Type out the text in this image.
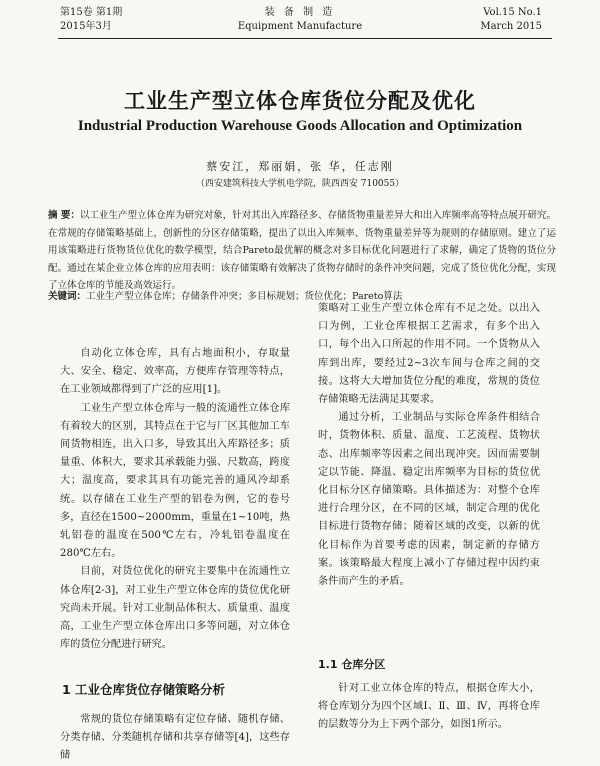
第15卷 第1期
2015年3月
装 备 制 造
Equipment Manufacture
Vol.15 No.1
March 2015
工业生产型立体仓库货位分配及优化
Industrial Production Warehouse Goods Allocation and Optimization
蔡安江，郑丽娟，张 华，任志刚
（西安建筑科技大学机电学院，陕西西安 710055）
摘 要：以工业生产型立体仓库为研究对象，针对其出入库路径多、存储货物重量差异大和出入库频率高等特点展开研究。在常规的存储策略基础上，创新性的分区存储策略，提出了以出入库频率、货物重量差异等为规则的存储原则。建立了运用该策略进行货物货位优化的数学模型，结合Pareto最优解的概念对多目标优化问题进行了求解，确定了货物的货位分配。通过在某企业立体仓库的应用表明：该存储策略有效解决了货物存储时的条件冲突问题，完成了货位优化分配，实现了立体仓库的节能及高效运行。
关键词：工业生产型立体仓库；存储条件冲突；多目标规划；货位优化；Pareto算法

自动化立体仓库，具有占地面积小，存取量大、安全、稳定、效率高，方便库存管理等特点，在工业领域都得到了广泛的应用[1]。

工业生产型立体仓库与一般的流通性立体仓库有着较大的区别，其特点在于它与厂区其他加工车间货物相连，出入口多，导致其出入库路径多；质量重、体积大，要求其承载能力强、尺数高，跨度大；温度高，要求其具有功能完善的通风冷却系统。以存储在工业生产型的铝卷为例，它的卷号多，直径在1500~2000mm，重量在1~10吨，热轧铝卷的温度在500℃左右，冷轧铝卷温度在280℃左右。

目前，对货位优化的研究主要集中在流通性立体仓库[2-3]，对工业生产型立体仓库的货位优化研究尚未开展。针对工业制品体积大、质量重、温度高，工业生产型立体仓库出口多等问题，对立体仓库的货位分配进行研究。

1 工业仓库货位存储策略分析

常规的货位存储策略有定位存储、随机存储、分类存储、分类随机存储和共享存储等[4]，这些存储

策略对工业生产型立体仓库有不足之处。以出入口为例，工业仓库根据工艺需求，有多个出入口，每个出入口所起的作用不同。一个货物从入库到出库，要经过2~3次车间与仓库之间的交接。这将大大增加货位分配的难度，常规的货位存储策略无法满足其要求。

通过分析，工业制品与实际仓库条件相结合时，货物体积、质量、温度、工艺流程、货物状态、出库频率等因素之间出现冲突。因而需要制定以节能、降温、稳定出库频率为目标的货位优化目标分区存储策略。具体描述为：对整个仓库进行合理分区，在不同的区域，制定合理的优化目标进行货物存储；随着区域的改变，以新的优化目标作为首要考虑的因素，制定新的存储方案。该策略最大程度上减小了存储过程中因约束条件而产生的矛盾。

1.1 仓库分区

针对工业立体仓库的特点，根据仓库大小，将仓库划分为四个区域Ⅰ、Ⅱ、Ⅲ、Ⅳ，再将仓库的层数等分为上下两个部分，如图1所示。
